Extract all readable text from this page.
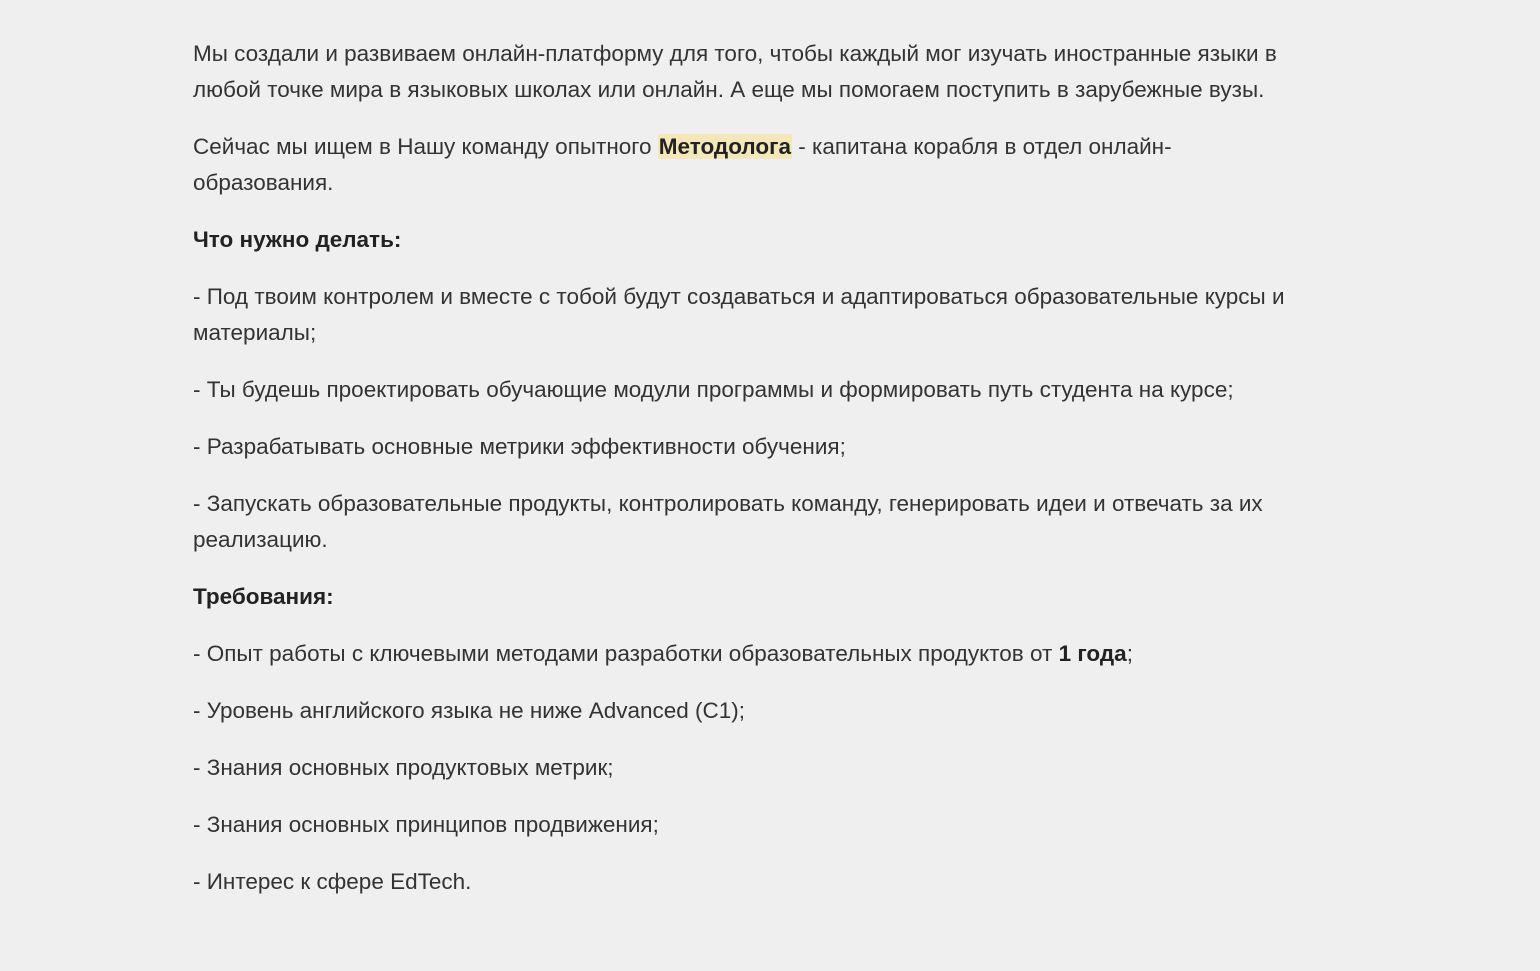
Мы создали и развиваем онлайн-платформу для того, чтобы каждый мог изучать иностранные языки в любой точке мира в языковых школах или онлайн. А еще мы помогаем поступить в зарубежные вузы.

Сейчас мы ищем в Нашу команду опытного Методолога - капитана корабля в отдел онлайн-образования.

Что нужно делать:

- Под твоим контролем и вместе с тобой будут создаваться и адаптироваться образовательные курсы и материалы;

- Ты будешь проектировать обучающие модули программы и формировать путь студента на курсе;

- Разрабатывать основные метрики эффективности обучения;

- Запускать образовательные продукты, контролировать команду, генерировать идеи и отвечать за их реализацию.

Требования:

- Опыт работы с ключевыми методами разработки образовательных продуктов от 1 года;

- Уровень английского языка не ниже Advanced (С1);

- Знания основных продуктовых метрик;

- Знания основных принципов продвижения;

- Интерес к сфере EdTech.
